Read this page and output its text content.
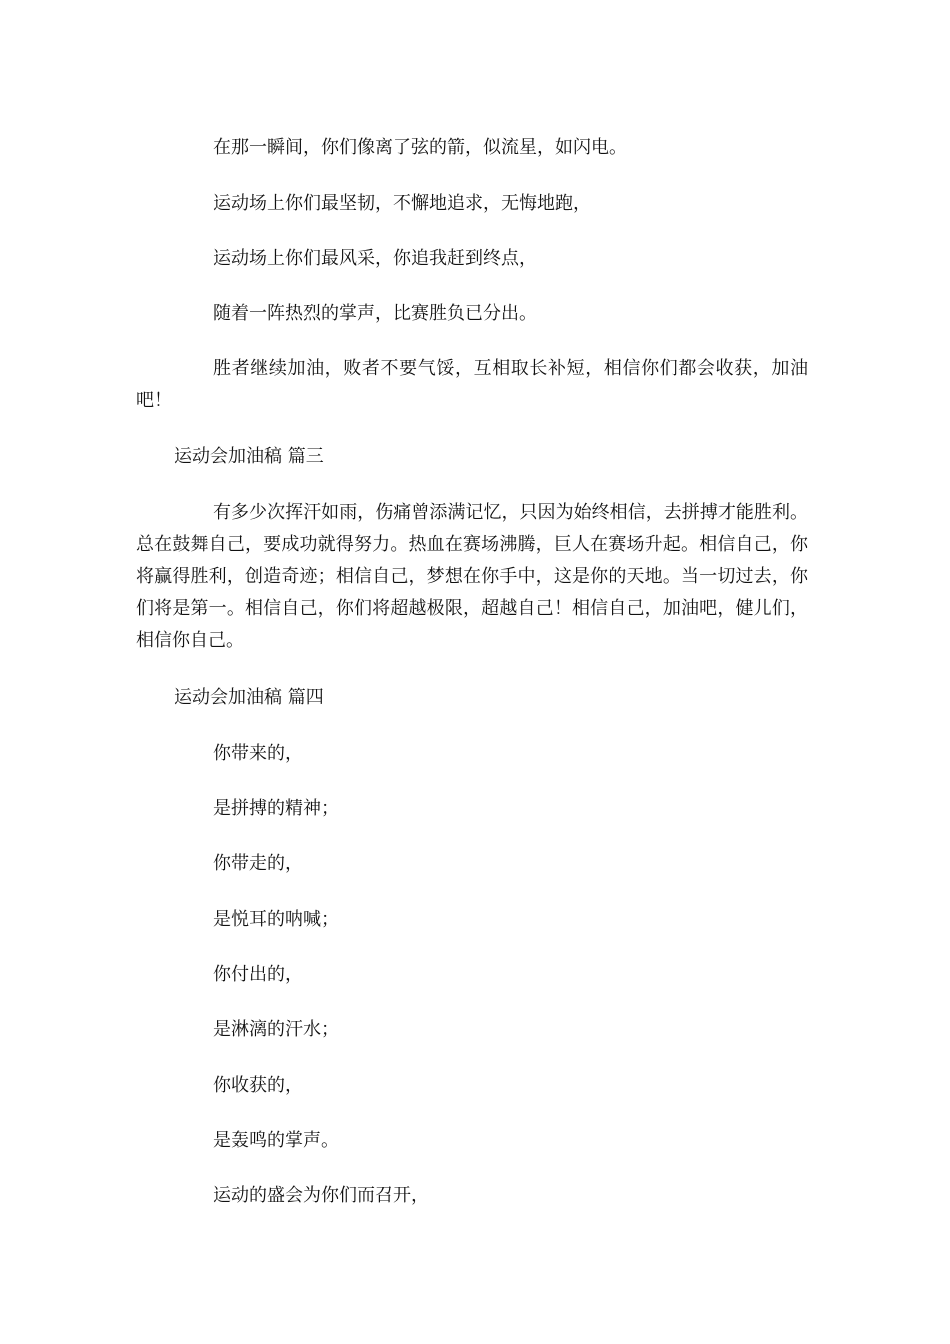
在那一瞬间，你们像离了弦的箭，似流星，如闪电。
运动场上你们最坚韧，不懈地追求，无悔地跑，
运动场上你们最风采，你追我赶到终点，
随着一阵热烈的掌声，比赛胜负已分出。
胜者继续加油，败者不要气馁，互相取长补短，相信你们都会收获，加油吧！
运动会加油稿 篇三
有多少次挥汗如雨，伤痛曾添满记忆，只因为始终相信，去拼搏才能胜利。总在鼓舞自己，要成功就得努力。热血在赛场沸腾，巨人在赛场升起。相信自己，你将赢得胜利，创造奇迹；相信自己，梦想在你手中，这是你的天地。当一切过去，你们将是第一。相信自己，你们将超越极限，超越自己！相信自己，加油吧，健儿们，相信你自己。
运动会加油稿 篇四
你带来的，
是拼搏的精神；
你带走的，
是悦耳的呐喊；
你付出的，
是淋漓的汗水；
你收获的，
是轰鸣的掌声。
运动的盛会为你们而召开，
